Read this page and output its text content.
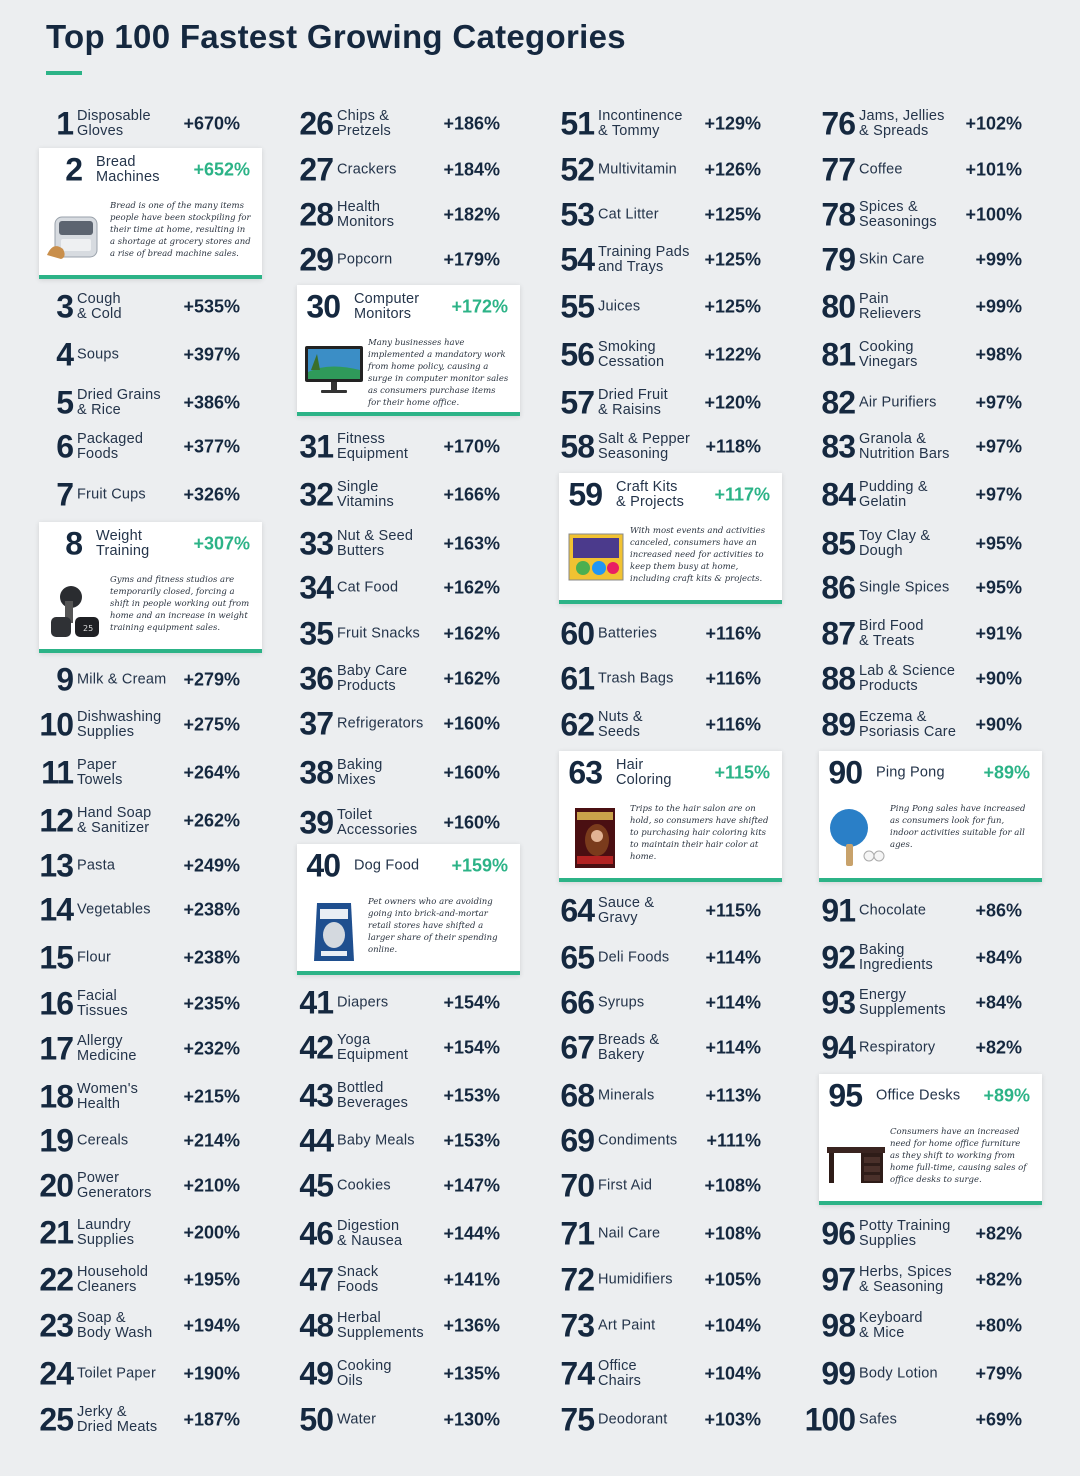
Top 100 Fastest Growing Categories
1 Disposable
Gloves	+670%
3 Cough
& Cold	+535%
4 Soups	+397%
5 Dried Grains
& Rice	+386%
6 Packaged
Foods	+377%
7 Fruit Cups	+326%
9 Milk & Cream +279%
10 Dishwashing
Supplies	+275%
11 Paper
Towels	+264%
12 Hand Soap
& Sanitizer	+262%
13 Pasta	+249%
14 Vegetables	+238%
15 Flour	+238%
16 Facial
Tissues	+235%
17 Allergy
Medicine	+232%
18 Women's
Health	+215%
19 Cereals	+214%
20 Power
Generators	+210%
21 Laundry
Supplies	+200%
22 Household
Cleaners	+195%
23 Soap &
Body Wash	+194%
24 Toilet Paper	+190%
25 Jerky &
Dried Meats	+187%
26 Chips &
Pretzels	+186%
27 Crackers	+184%
28 Health
Monitors	+182%
29 Popcorn	+179%
31 Fitness
Equipment	+170%
32 Single
Vitamins	+166%
33 Nut & Seed
Butters	+163%
34 Cat Food	+162%
35 Fruit Snacks	+162%
36 Baby Care
Products	+162%
37 Refrigerators	+160%
38 Baking
Mixes	+160%
39 Toilet
Accessories	+160%
41 Diapers	+154%
42 Yoga
Equipment	+154%
43 Bottled
Beverages	+153%
44 Baby Meals	+153%
45 Cookies	+147%
46 Digestion
& Nausea	+144%
47 Snack
Foods	+141%
48 Herbal
Supplements	+136%
49 Cooking
Oils	+135%
50 Water	+130%
51 Incontinence
& Tommy	+129%
52 Multivitamin	+126%
53 Cat Litter	+125%
54 Training Pads
and Trays	+125%
55 Juices	+125%
56 Smoking
Cessation	+122%
57 Dried Fruit
& Raisins	+120%
58 Salt & Pepper
Seasoning	+118%
60 Batteries	+116%
61 Trash Bags	+116%
62 Nuts &
Seeds	+116%
64 Sauce &
Gravy	+115%
65 Deli Foods	+114%
66 Syrups	+114%
67 Breads &
Bakery	+114%
68 Minerals	+113%
69 Condiments	+111%
70 First Aid	+108%
71 Nail Care	+108%
72 Humidifiers	+105%
73 Art Paint	+104%
74 Office
Chairs	+104%
75 Deodorant	+103%
76 Jams, Jellies
& Spreads	+102%
77 Coffee	+101%
78 Spices &
Seasonings	+100%
79 Skin Care	+99%
80 Pain
Relievers	+99%
81 Cooking
Vinegars	+98%
82 Air Purifiers	+97%
83 Granola &
Nutrition Bars	+97%
84 Pudding &
Gelatin	+97%
85 Toy Clay &
Dough	+95%
86 Single Spices	+95%
87 Bird Food
& Treats	+91%
88 Lab & Science
Products	+90%
89 Eczema &
Psoriasis Care +90%
91 Chocolate	+86%
92 Baking
Ingredients	+84%
93 Energy
Supplements	+84%
94 Respiratory	+82%
96 Potty Training
Supplies	+82%
97 Herbs, Spices
& Seasoning	+82%
98 Keyboard
& Mice	+80%
99 Body Lotion	+79%
100 Safes	+69%
2 Bread
Machines	+652%
Bread is one of the many items people have been stockpiling for their time at home, resulting in a shortage at grocery stores and a rise of bread machine sales.
8 Weight
Training	+307%
25
Gyms and fitness studios are temporarily closed, forcing a shift in people working out from home and an increase in weight training equipment sales.
30 Computer
Monitors	+172%
Many businesses have implemented a mandatory work from home policy, causing a surge in computer monitor sales as consumers purchase items for their home office.
40 Dog Food	+159%
Pet owners who are avoiding going into brick-and-mortar retail stores have shifted a larger share of their spending online.
59 Craft Kits
& Projects	+117%
With most events and activities canceled, consumers have an increased need for activities to keep them busy at home, including craft kits & projects.
63 Hair
Coloring	+115%
Trips to the hair salon are on hold, so consumers have shifted to purchasing hair coloring kits to maintain their hair color at home.
90 Ping Pong	+89%
Ping Pong sales have increased as consumers look for fun, indoor activities suitable for all ages.
95 Office Desks	+89%
Consumers have an increased need for home office furniture as they shift to working from home full-time, causing sales of office desks to surge.
